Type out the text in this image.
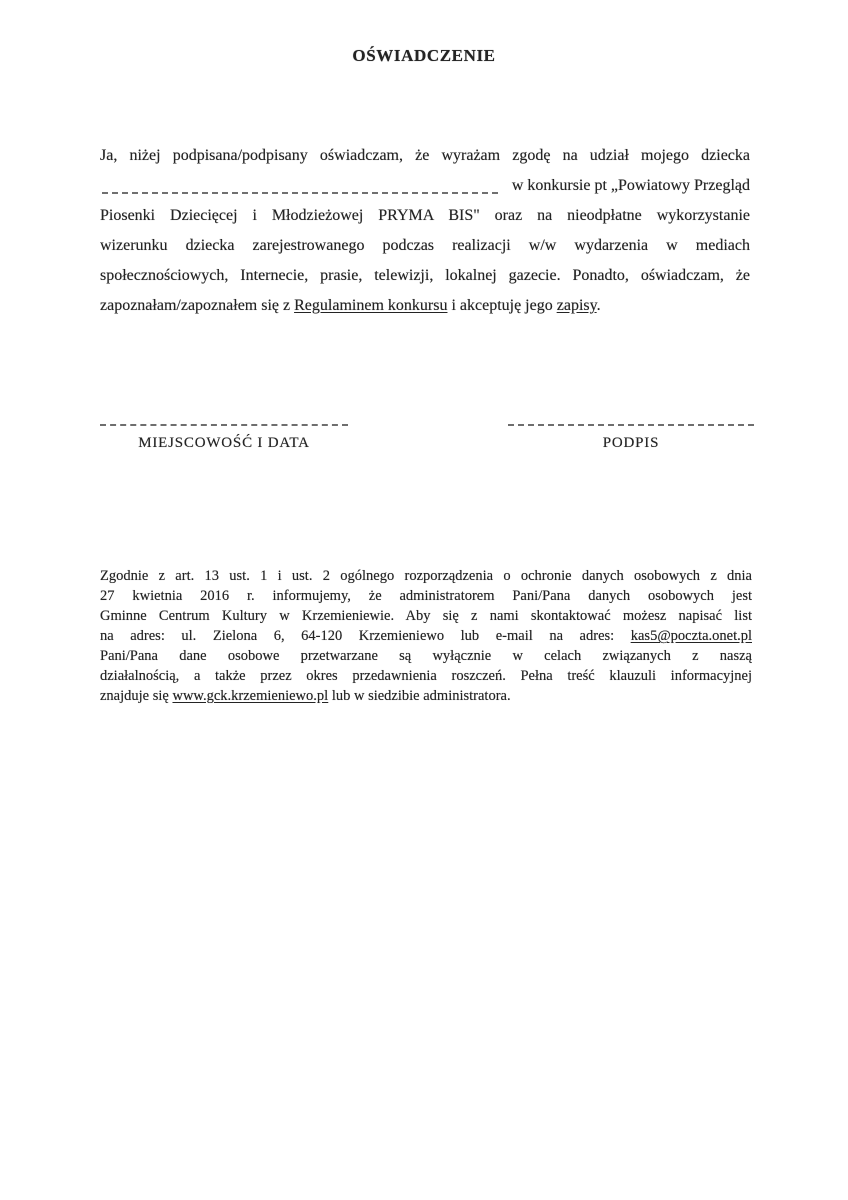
OŚWIADCZENIE
Ja, niżej podpisana/podpisany oświadczam, że wyrażam zgodę na udział mojego dziecka
w konkursie pt „Powiatowy Przegląd
Piosenki Dziecięcej i Młodzieżowej PRYMA BIS" oraz na nieodpłatne wykorzystanie
wizerunku dziecka zarejestrowanego podczas realizacji w/w wydarzenia w mediach
społecznościowych, Internecie, prasie, telewizji, lokalnej gazecie. Ponadto, oświadczam, że
zapoznałam/zapoznałem się z Regulaminem konkursu i akceptuję jego zapisy.
MIEJSCOWOŚĆ I DATA	PODPIS
Zgodnie z art. 13 ust. 1 i ust. 2 ogólnego rozporządzenia o ochronie danych osobowych z dnia
27 kwietnia 2016 r. informujemy, że administratorem Pani/Pana danych osobowych jest
Gminne Centrum Kultury w Krzemieniewie. Aby się z nami skontaktować możesz napisać list
na adres: ul. Zielona 6, 64-120 Krzemieniewo lub e-mail na adres: kas5@poczta.onet.pl
Pani/Pana dane osobowe przetwarzane są wyłącznie w celach związanych z naszą
działalnością, a także przez okres przedawnienia roszczeń. Pełna treść klauzuli informacyjnej
znajduje się www.gck.krzemieniewo.pl lub w siedzibie administratora.
